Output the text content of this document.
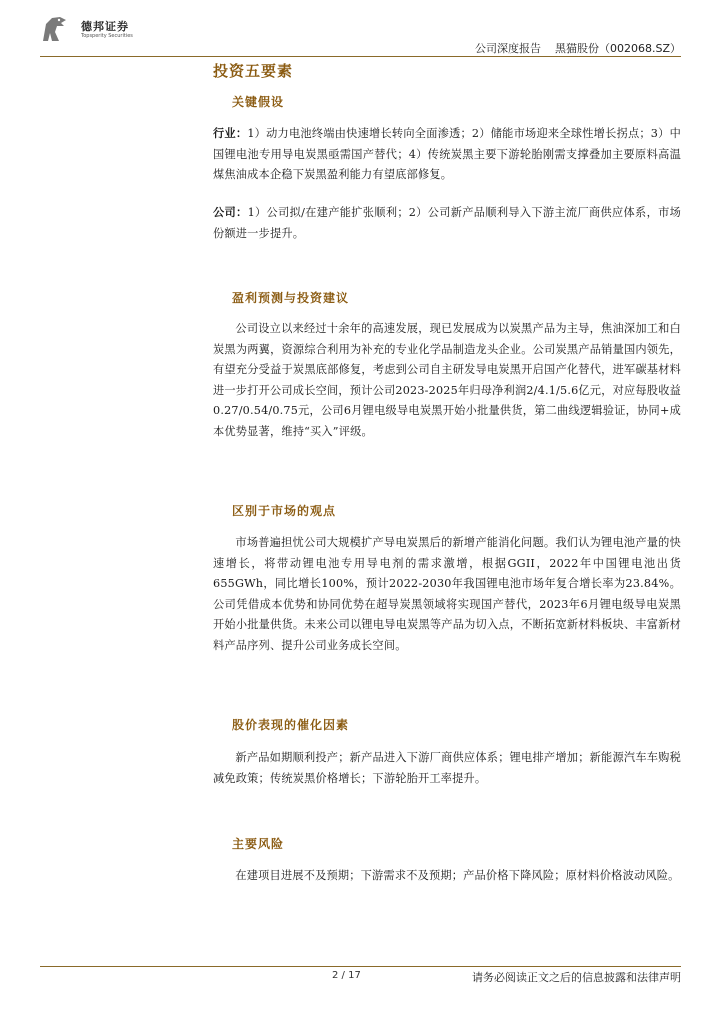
德邦证券
Topsperity Securities
公司深度报告 黑猫股份（002068.SZ）
投资五要素
关键假设
行业：1）动力电池终端由快速增长转向全面渗透；2）储能市场迎来全球性增长拐点；3）中国锂电池专用导电炭黑亟需国产替代；4）传统炭黑主要下游轮胎刚需支撑叠加主要原料高温煤焦油成本企稳下炭黑盈利能力有望底部修复。
公司：1）公司拟/在建产能扩张顺利；2）公司新产品顺利导入下游主流厂商供应体系，市场份额进一步提升。
盈利预测与投资建议
公司设立以来经过十余年的高速发展，现已发展成为以炭黑产品为主导，焦油深加工和白炭黑为两翼，资源综合利用为补充的专业化学品制造龙头企业。公司炭黑产品销量国内领先，有望充分受益于炭黑底部修复，考虑到公司自主研发导电炭黑开启国产化替代，进军碳基材料进一步打开公司成长空间，预计公司2023-2025年归母净利润2/4.1/5.6亿元，对应每股收益0.27/0.54/0.75元，公司6月锂电级导电炭黑开始小批量供货，第二曲线逻辑验证，协同+成本优势显著，维持“买入”评级。
区别于市场的观点
市场普遍担忧公司大规模扩产导电炭黑后的新增产能消化问题。我们认为锂电池产量的快速增长，将带动锂电池专用导电剂的需求激增，根据GGII，2022年中国锂电池出货655GWh，同比增长100%，预计2022-2030年我国锂电池市场年复合增长率为23.84%。公司凭借成本优势和协同优势在超导炭黑领域将实现国产替代，2023年6月锂电级导电炭黑开始小批量供货。未来公司以锂电导电炭黑等产品为切入点，不断拓宽新材料板块、丰富新材料产品序列、提升公司业务成长空间。
股价表现的催化因素
新产品如期顺利投产；新产品进入下游厂商供应体系；锂电排产增加；新能源汽车车购税减免政策；传统炭黑价格增长；下游轮胎开工率提升。
主要风险
在建项目进展不及预期；下游需求不及预期；产品价格下降风险；原材料价格波动风险。
2 / 17	请务必阅读正文之后的信息披露和法律声明
